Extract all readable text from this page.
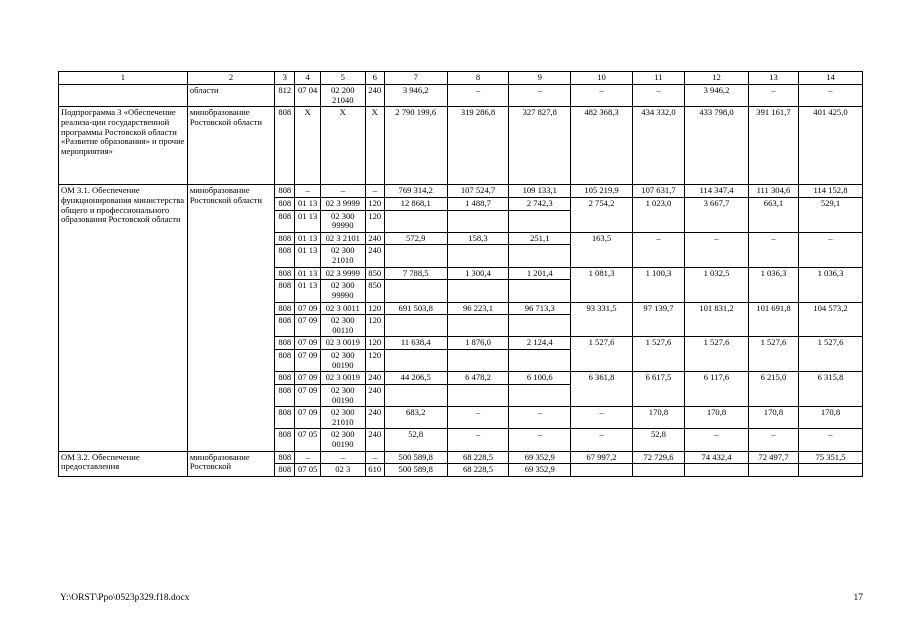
1	2	3	4	5	6	7	8	9	10	11	12	13	14
	области	812	07 04	02 200 21040	240	3 946,2	–	–	–	–	3 946,2	–	–
Подпрограмма 3 «Обеспечение реализа-ции государственной программы Ростовской области «Развитие образования» и прочие мероприятия»	минобразование Ростовской области	808	X	X	X	2 790 199,6	319 286,8	327 827,8	482 368,3	434 332,0	433 798,0	391 161,7	401 425,0
ОМ 3.1. Обеспечение функционирования министерства общего и профессионального образования Ростовской области	минобразование Ростовской области	808	–	–	–	769 314,2	107 524,7	109 133,1	105 219,9	107 631,7	114 347,4	111 304,6	114 152,8
		808	01 13	02 3 9999	120	12 868,1	1 488,7	2 742,3	2 754,2	1 023,0	3 667,7	663,1	529,1
		808	01 13	02 300 99990	120								
		808	01 13	02 3 2101	240	572,9	158,3	251,1	163,5	–	–	–	–
		808	01 13	02 300 21010	240								
		808	01 13	02 3 9999	850	7 788,5	1 300,4	1 201,4	1 081,3	1 100,3	1 032,5	1 036,3	1 036,3
		808	01 13	02 300 99990	850								
		808	07 09	02 3 0011	120	691 503,8	96 223,1	96 713,3	93 331,5	97 139,7	101 831,2	101 691,8	104 573,2
		808	07 09	02 300 00110	120								
		808	07 09	02 3 0019	120	11 638,4	1 876,0	2 124,4	1 527,6	1 527,6	1 527,6	1 527,6	1 527,6
		808	07 09	02 300 00190	120								
		808	07 09	02 3 0019	240	44 206,5	6 478,2	6 100,6	6 361,8	6 617,5	6 117,6	6 215,0	6 315,8
		808	07 09	02 300 00190	240								
		808	07 09	02 300 21010	240	683,2	–	–	–	170,8	170,8	170,8	170,8
		808	07 05	02 300 00190	240	52,8	–	–	–	52,8	–	–	–
ОМ 3.2. Обеспечение предоставления	минобразование Ростовской	808	–	–	–	500 589,8	68 228,5	69 352,9	67 997,2	72 729,6	74 432,4	72 497,7	75 351,5
		808	07 05	02 3	610	500 589,8	68 228,5	69 352,9					
Y:\ORST\Ppo\0523p329.f18.docx	17
